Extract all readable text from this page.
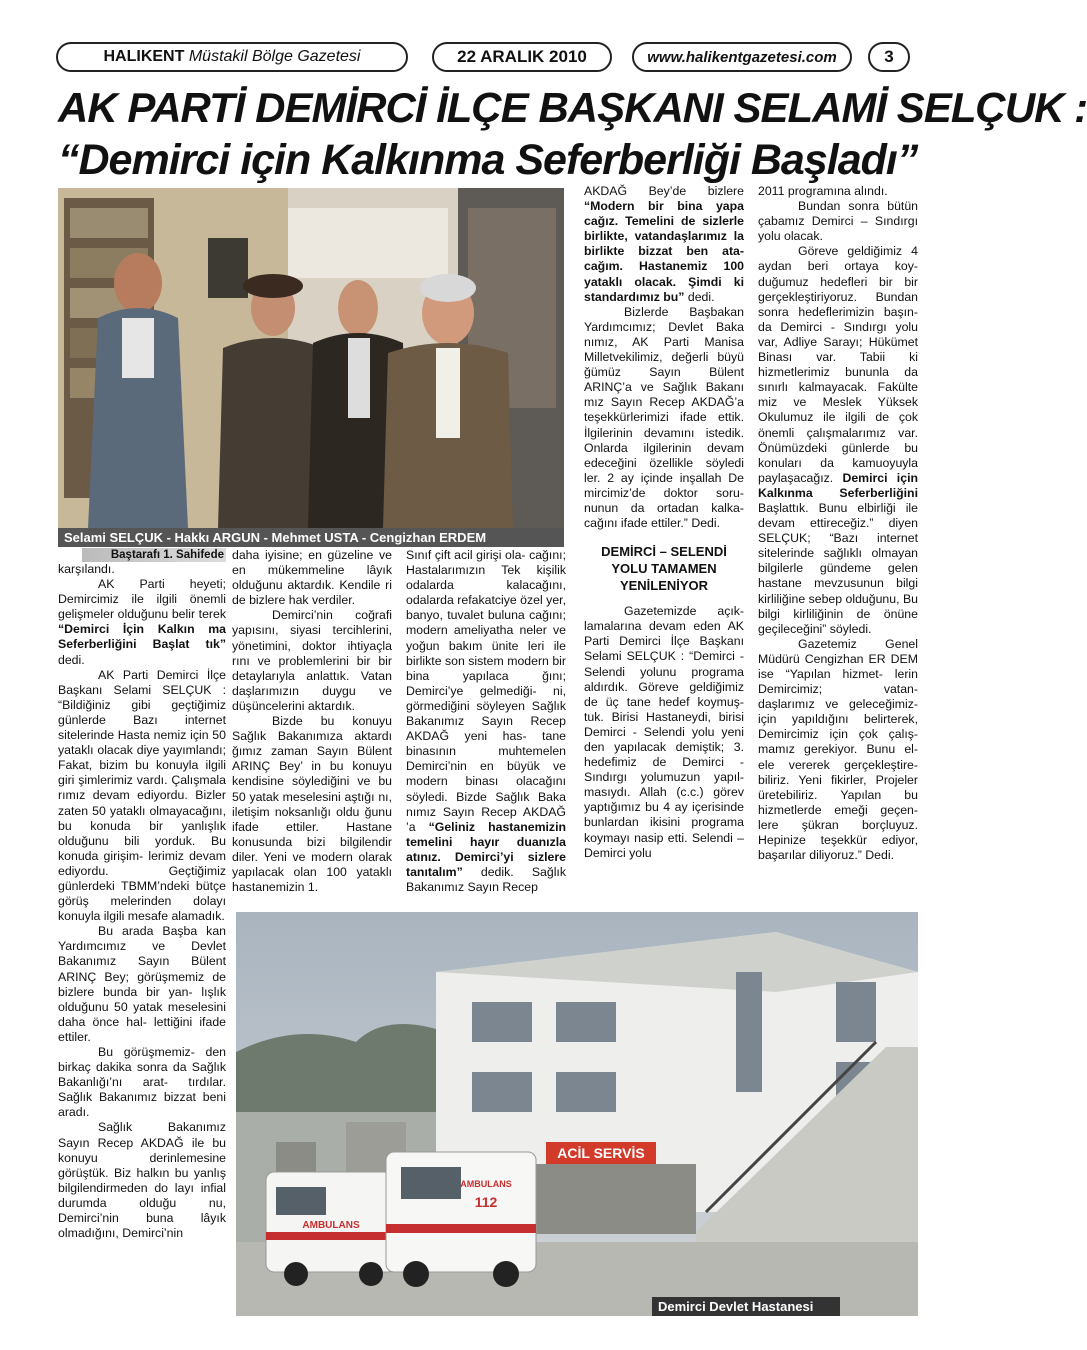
HALIKENT
Müstakil Bölge Gazetesi	22 ARALIK 2010	www.halikentgazetesi.com	3
AK PARTİ DEMİRCİ İLÇE BAŞKANI SELAMİ SELÇUK :
“Demirci için Kalkınma Seferberliği Başladı”
Selami SELÇUK - Hakkı ARGUN - Mehmet USTA - Cengizhan ERDEM
Baştarafı 1. Sahifede

karşılandı.

AK Parti heyeti; Demircimiz ile ilgili önemli gelişmeler olduğunu belir terek “Demirci İçin Kalkın ma Seferberliğini Başlat tık” dedi.

AK Parti Demirci İlçe Başkanı Selami SELÇUK : “Bildiğiniz gibi geçtiğimiz günlerde Bazı internet sitelerinde Hasta nemiz için 50 yataklı olacak diye yayımlandı; Fakat, bizim bu konuyla ilgili giri şimlerimiz vardı. Çalışmala rımız devam ediyordu. Bizler zaten 50 yataklı olmayacağını, bu konuda bir yanlışlık olduğunu bili yorduk. Bu konuda girişim- lerimiz devam ediyordu. Geçtiğimiz günlerdeki TBMM’ndeki bütçe görüş melerinden dolayı konuyla ilgili mesafe alamadık.

Bu arada Başba kan Yardımcımız ve Devlet Bakanımız Sayın Bülent ARINÇ Bey; görüşmemiz de bizlere bunda bir yan- lışlık olduğunu 50 yatak meselesini daha önce hal- lettiğini ifade ettiler.

Bu görüşmemiz- den birkaç dakika sonra da Sağlık Bakanlığı’nı arat- tırdılar. Sağlık Bakanımız bizzat beni aradı.

Sağlık Bakanımız Sayın Recep AKDAĞ ile bu konuyu derinlemesine görüştük. Biz halkın bu yanlış bilgilendirmeden do layı infial durumda olduğu nu, Demirci’nin buna lâyık olmadığını, Demirci’nin

daha iyisine; en güzeline ve en mükemmeline lâyık olduğunu aktardık. Kendile ri de bizlere hak verdiler.

Demirci’nin coğrafi yapısını, siyasi tercihlerini, yönetimini, doktor ihtiyaçla rını ve problemlerini bir bir detaylarıyla anlattık. Vatan daşlarımızın duygu ve düşüncelerini aktardık.

Bizde bu konuyu Sağlık Bakanımıza aktardı ğımız zaman Sayın Bülent ARINÇ Bey’ in bu konuyu kendisine söylediğini ve bu 50 yatak meselesini aştığı nı, iletişim noksanlığı oldu ğunu ifade ettiler. Hastane konusunda bizi bilgilendir diler. Yeni ve modern olarak yapılacak olan 100 yataklı hastanemizin 1.

Sınıf çift acil girişi ola- cağını; Hastalarımızın Tek kişilik odalarda kalacağını, odalarda refakatciye özel yer, banyo, tuvalet buluna cağını; modern ameliyatha neler ve yoğun bakım ünite leri ile birlikte son sistem modern bir bina yapılaca ğını; Demirci’ye gelmediği- ni, görmediğini söyleyen Sağlık Bakanımız Sayın Recep AKDAĞ yeni has- tane binasının muhtemelen Demirci’nin en büyük ve modern binası olacağını söyledi. Bizde Sağlık Baka nımız Sayın Recep AKDAĞ ’a “Geliniz hastanemizin temelini hayır duanızla atınız. Demirci’yi sizlere tanıtalım” dedik. Sağlık Bakanımız Sayın Recep

AKDAĞ Bey’de bizlere “Modern bir bina yapa cağız. Temelini de sizlerle birlikte, vatandaşlarımız la birlikte bizzat ben ata- cağım. Hastanemiz 100 yataklı olacak. Şimdi ki standardımız bu” dedi.

Bizlerde Başbakan Yardımcımız; Devlet Baka nımız, AK Parti Manisa Milletvekilimiz, değerli büyü ğümüz Sayın Bülent ARINÇ’a ve Sağlık Bakanı mız Sayın Recep AKDAĞ’a teşekkürlerimizi ifade ettik. İlgilerinin devamını istedik. Onlarda ilgilerinin devam edeceğini özellikle söyledi ler. 2 ay içinde inşallah De mircimiz’de doktor soru- nunun da ortadan kalka- cağını ifade ettiler.” Dedi.

DEMİRCİ – SELENDİ YOLU TAMAMEN YENİLENİYOR

Gazetemizde açık- lamalarına devam eden AK Parti Demirci İlçe Başkanı Selami SELÇUK : “Demirci - Selendi yolunu programa aldırdık. Göreve geldiğimiz de üç tane hedef koymuş- tuk. Birisi Hastaneydi, birisi Demirci - Selendi yolu yeni den yapılacak demiştik; 3. hedefimiz de Demirci - Sındırgı yolumuzun yapıl- masıydı. Allah (c.c.) görev yaptığımız bu 4 ay içerisinde bunlardan ikisini programa koymayı nasip etti. Selendi – Demirci yolu

2011 programına alındı.

Bundan sonra bütün çabamız Demirci – Sındırgı yolu olacak.

Göreve geldiğimiz 4 aydan beri ortaya koy- duğumuz hedefleri bir bir gerçekleştiriyoruz. Bundan sonra hedeflerimizin başın- da Demirci - Sındırgı yolu var, Adliye Sarayı; Hükümet Binası var. Tabii ki hizmetlerimiz bununla da sınırlı kalmayacak. Fakülte miz ve Meslek Yüksek Okulumuz ile ilgili de çok önemli çalışmalarımız var. Önümüzdeki günlerde bu konuları da kamuoyuyla paylaşacağız. Demirci için Kalkınma Seferberliğini Başlattık. Bunu elbirliği ile devam ettireceğiz.” diyen SELÇUK; “Bazı internet sitelerinde sağlıklı olmayan bilgilerle gündeme gelen hastane mevzusunun bilgi kirliliğine sebep olduğunu, Bu bilgi kirliliğinin de önüne geçileceğini” söyledi.

Gazetemiz Genel Müdürü Cengizhan ER DEM ise “Yapılan hizmet- lerin Demircimiz; vatan- daşlarımız ve geleceğimiz- için yapıldığını belirterek, Demircimiz için çok çalış- mamız gerekiyor. Bunu el- ele vererek gerçekleştire- biliriz. Yeni fikirler, Projeler üretebiliriz. Yapılan bu hizmetlerde emeği geçen- lere şükran borçluyuz. Hepinize teşekkür ediyor, başarılar diliyoruz.” Dedi.

ACİL SERVİS
AMBULANS
AMBULANS
112
Demirci Devlet Hastanesi
